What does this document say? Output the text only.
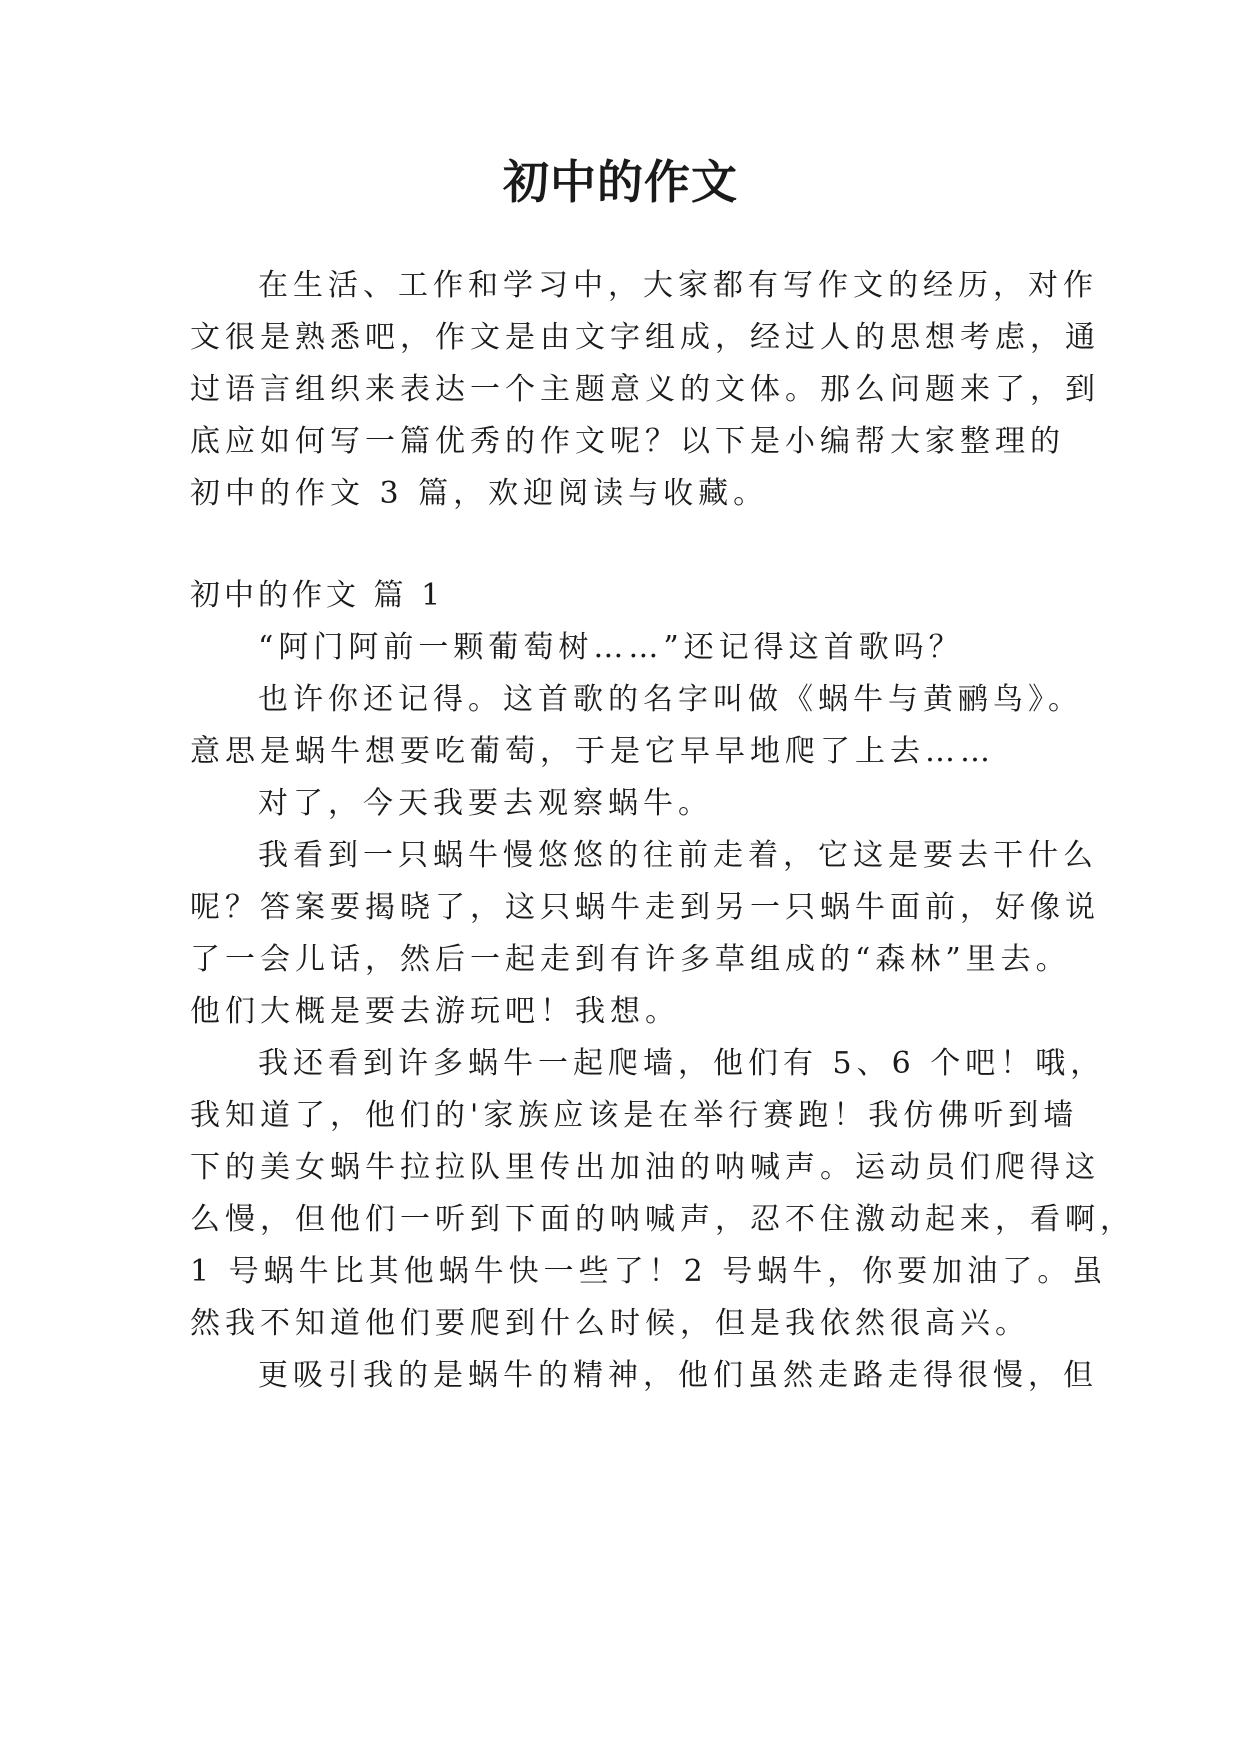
初中的作文
在生活、工作和学习中，大家都有写作文的经历，对作
文很是熟悉吧，作文是由文字组成，经过人的思想考虑，通
过语言组织来表达一个主题意义的文体。那么问题来了，到
底应如何写一篇优秀的作文呢？以下是小编帮大家整理的
初中的作文 3 篇，欢迎阅读与收藏。
初中的作文 篇 1
“阿门阿前一颗葡萄树……”还记得这首歌吗？
也许你还记得。这首歌的名字叫做《蜗牛与黄鹂鸟》。
意思是蜗牛想要吃葡萄，于是它早早地爬了上去……
对了，今天我要去观察蜗牛。
我看到一只蜗牛慢悠悠的往前走着，它这是要去干什么
呢？答案要揭晓了，这只蜗牛走到另一只蜗牛面前，好像说
了一会儿话，然后一起走到有许多草组成的“森林”里去。
他们大概是要去游玩吧！我想。
我还看到许多蜗牛一起爬墙，他们有 5、6 个吧！哦，
我知道了，他们的'家族应该是在举行赛跑！我仿佛听到墙
下的美女蜗牛拉拉队里传出加油的呐喊声。运动员们爬得这
么慢，但他们一听到下面的呐喊声，忍不住激动起来，看啊，
1 号蜗牛比其他蜗牛快一些了！2 号蜗牛，你要加油了。虽
然我不知道他们要爬到什么时候，但是我依然很高兴。
更吸引我的是蜗牛的精神，他们虽然走路走得很慢，但
